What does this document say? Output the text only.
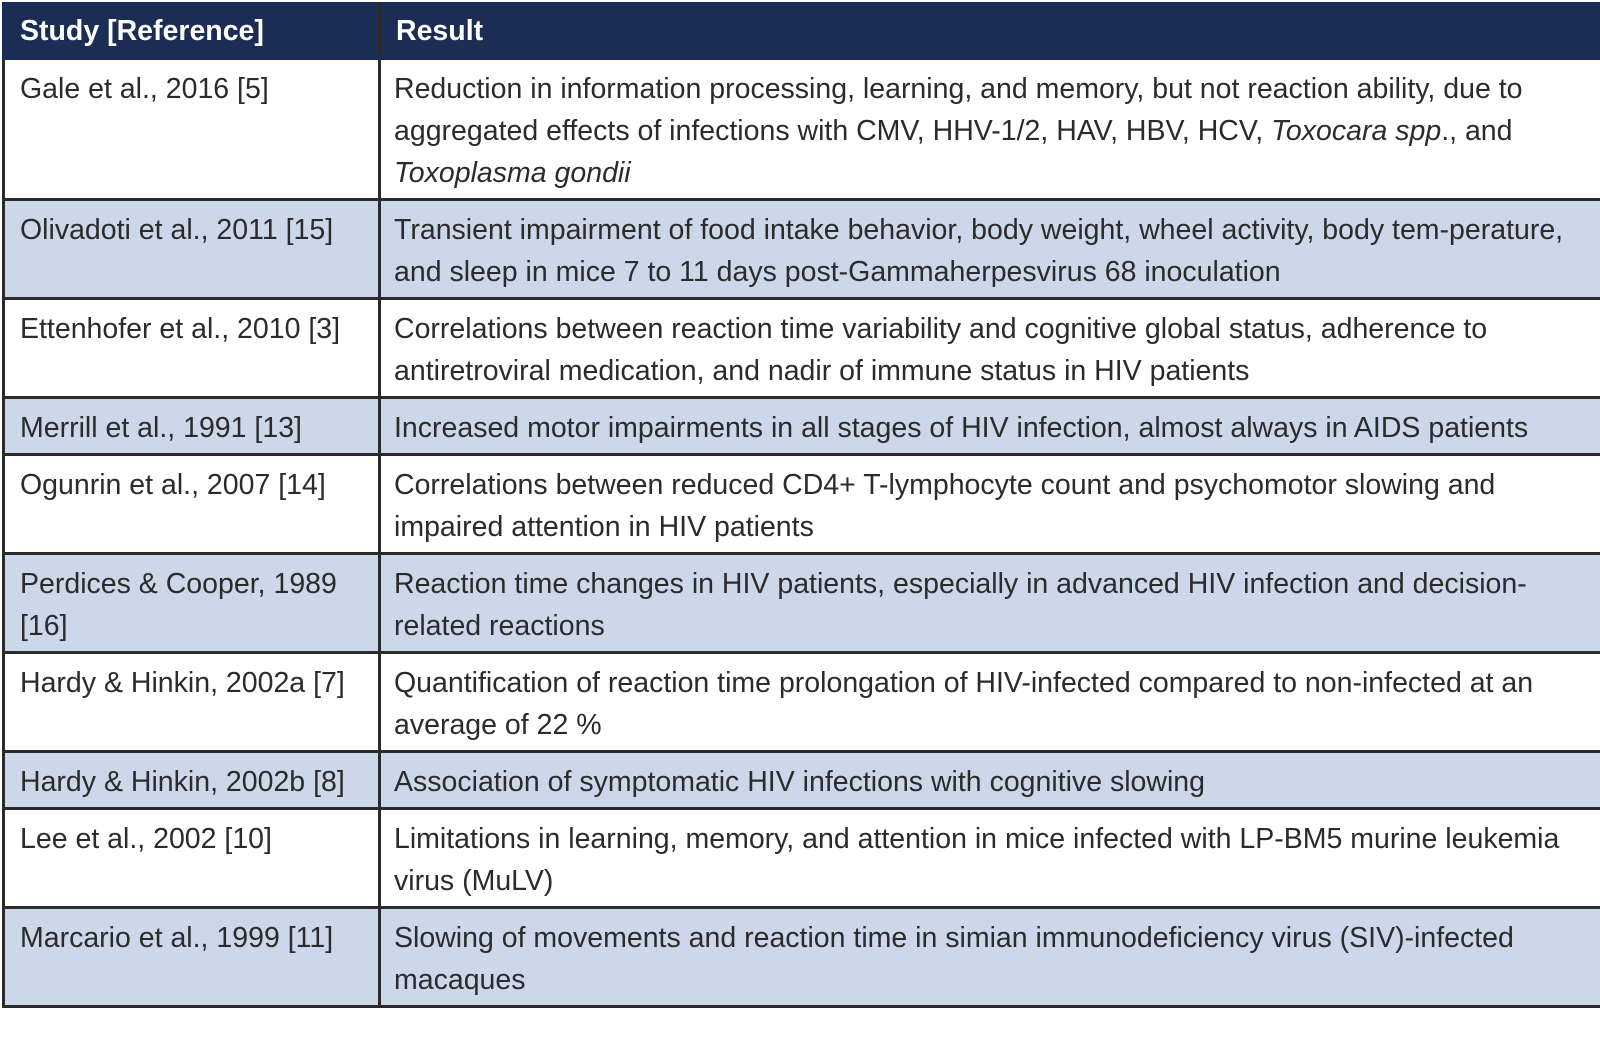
Study [Reference]	Result
Gale et al., 2016 [5]	Reduction in information processing, learning, and memory, but not reaction ability, due to aggregated effects of infections with CMV, HHV-1/2, HAV, HBV, HCV, Toxocara spp., and Toxoplasma gondii
Olivadoti et al., 2011 [15]	Transient impairment of food intake behavior, body weight, wheel activity, body tem-perature, and sleep in mice 7 to 11 days post-Gammaherpesvirus 68 inoculation
Ettenhofer et al., 2010 [3]	Correlations between reaction time variability and cognitive global status, adherence to antiretroviral medication, and nadir of immune status in HIV patients
Merrill et al., 1991 [13]	Increased motor impairments in all stages of HIV infection, almost always in AIDS patients
Ogunrin et al., 2007 [14]	Correlations between reduced CD4+ T-lymphocyte count and psychomotor slowing and impaired attention in HIV patients
Perdices & Cooper, 1989 [16]	Reaction time changes in HIV patients, especially in advanced HIV infection and decision-related reactions
Hardy & Hinkin, 2002a [7]	Quantification of reaction time prolongation of HIV-infected compared to non-infected at an average of 22 %
Hardy & Hinkin, 2002b [8]	Association of symptomatic HIV infections with cognitive slowing
Lee et al., 2002 [10]	Limitations in learning, memory, and attention in mice infected with LP-BM5 murine leukemia virus (MuLV)
Marcario et al., 1999 [11]	Slowing of movements and reaction time in simian immunodeficiency virus (SIV)-infected macaques
